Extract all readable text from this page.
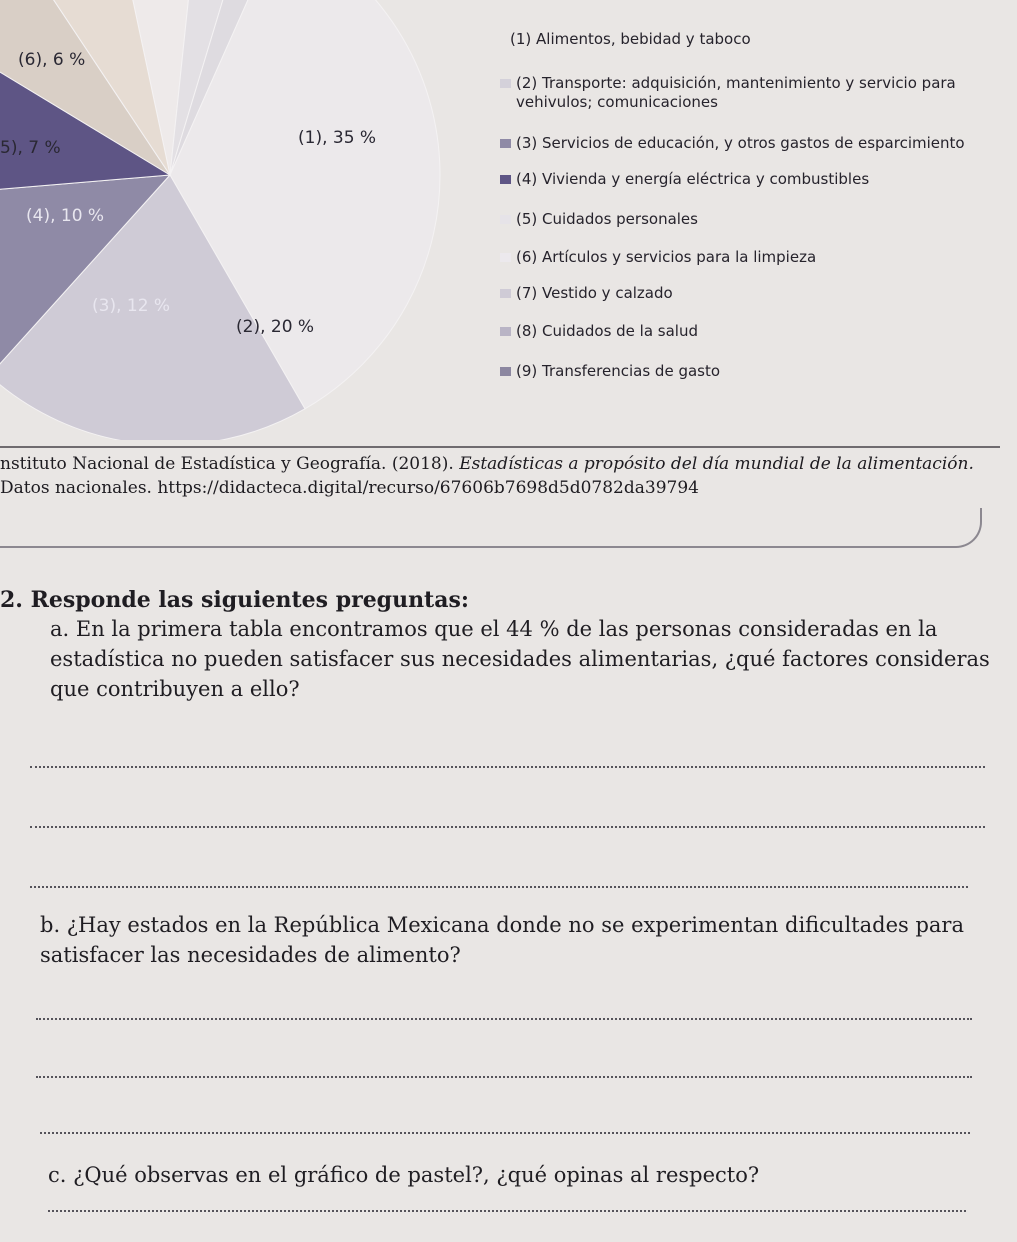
(1), 35 %
(2), 20 %
(3), 12 %
(4), 10 %
5), 7 %
(6), 6 %
(1) Alimentos, bebidad y taboco
(2) Transporte: adquisición, mantenimiento y servicio para vehivulos; comunicaciones
(3) Servicios de educación, y otros gastos de esparcimiento
(4) Vivienda y energía eléctrica y combustibles
(5) Cuidados personales
(6) Artículos y servicios para la limpieza
(7) Vestido y calzado
(8) Cuidados de la salud
(9) Transferencias de gasto
nstituto Nacional de Estadística y Geografía. (2018). Estadísticas a propósito del día mundial de la alimentación.
Datos nacionales. https://didacteca.digital/recurso/67606b7698d5d0782da39794
2. Responde las siguientes preguntas:
a. En la primera tabla encontramos que el 44 % de las personas consideradas en la estadística no pueden satisfacer sus necesidades alimentarias, ¿qué factores consideras que contribuyen a ello?
b. ¿Hay estados en la República Mexicana donde no se experimentan dificultades para satisfacer las necesidades de alimento?
c. ¿Qué observas en el gráfico de pastel?, ¿qué opinas al respecto?
